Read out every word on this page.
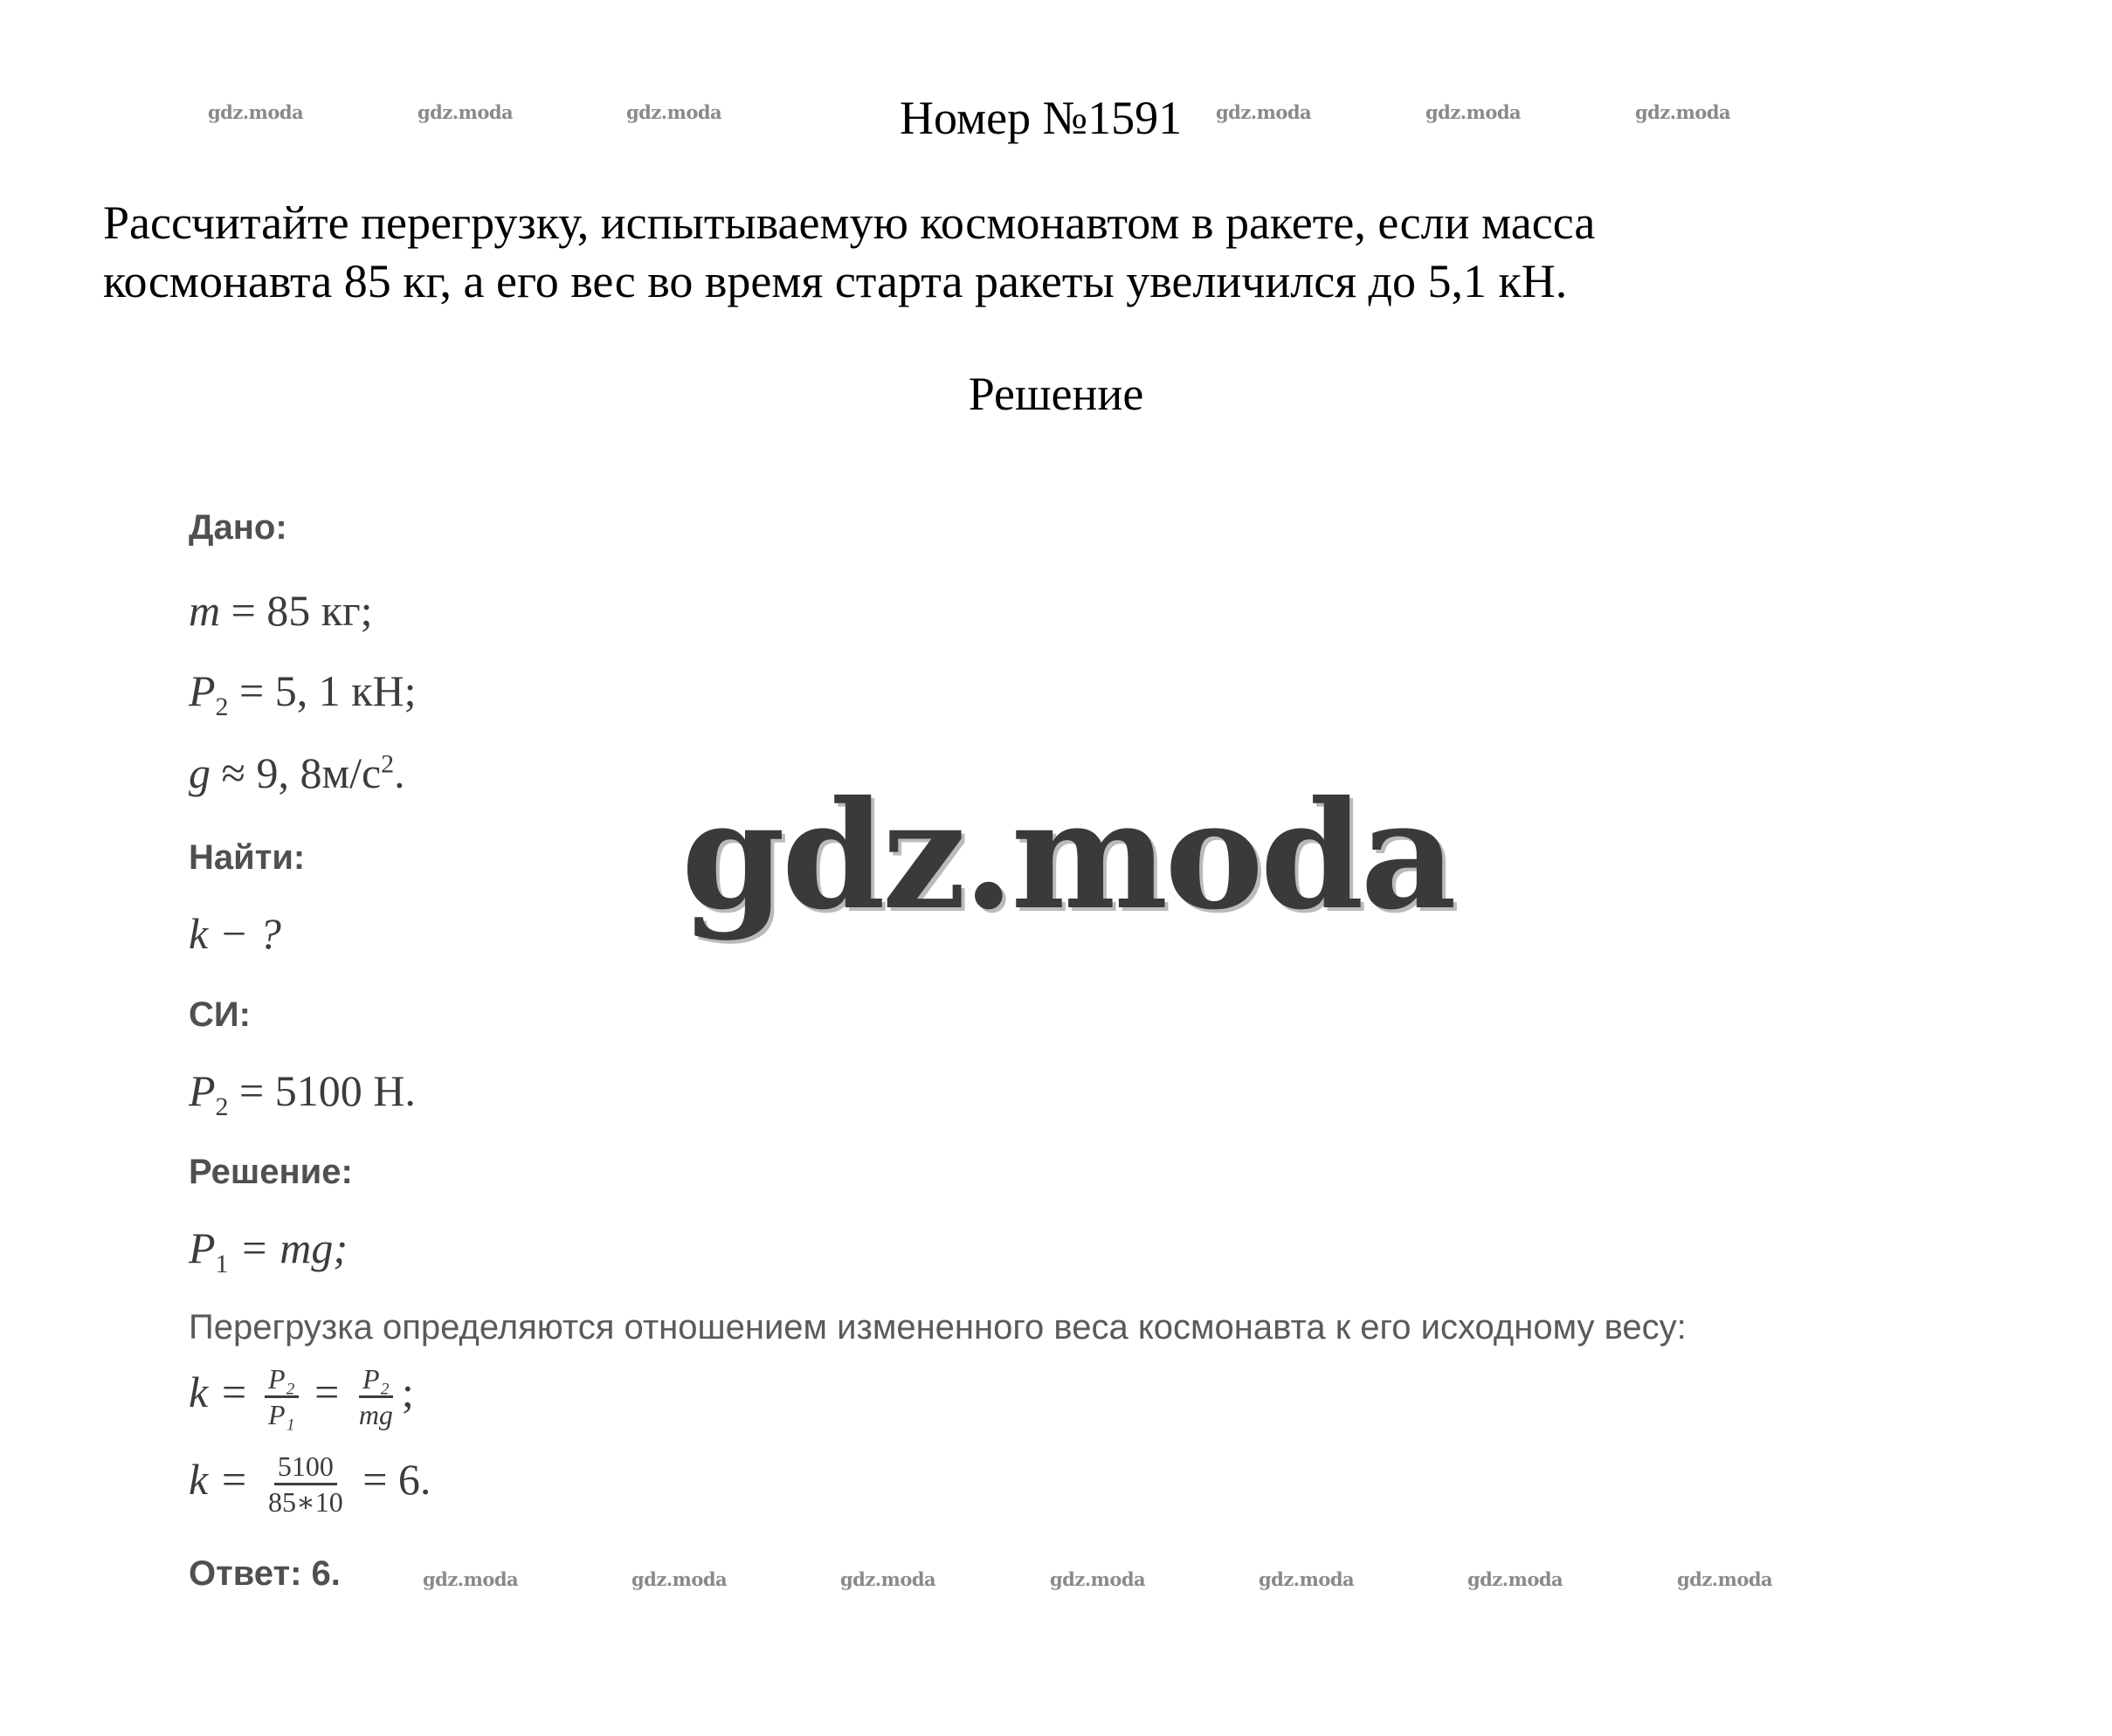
gdz.moda	gdz.moda	gdz.moda	gdz.moda	gdz.moda	gdz.moda
Номер №1591
Рассчитайте перегрузку, испытываемую космонавтом в ракете, если масса
космонавта 85 кг, а его вес во время старта ракеты увеличился до 5,1 кН.
Решение
Дано:
m = 85 кг;
$P_2 = 5$, 1 кН;
g ≈ 9, $8м/с^2$.
Найти:
k − ?
СИ:
$P_2 = 5100$ Н.
Решение:
$P_1$ = mg;
Перегрузка определяются отношением измененного веса космонавта к его исходному весу:
$k = \frac{\text{P₂}}{\text{P₁}} = \frac{\text{P₂}}{mg}$ ;
$k = \frac{5100}{85∗10} = 6$.
Ответ: 6.	gdz.moda	gdz.moda	gdz.moda	gdz.moda	gdz.moda	gdz.moda	gdz.moda
gdz.moda
